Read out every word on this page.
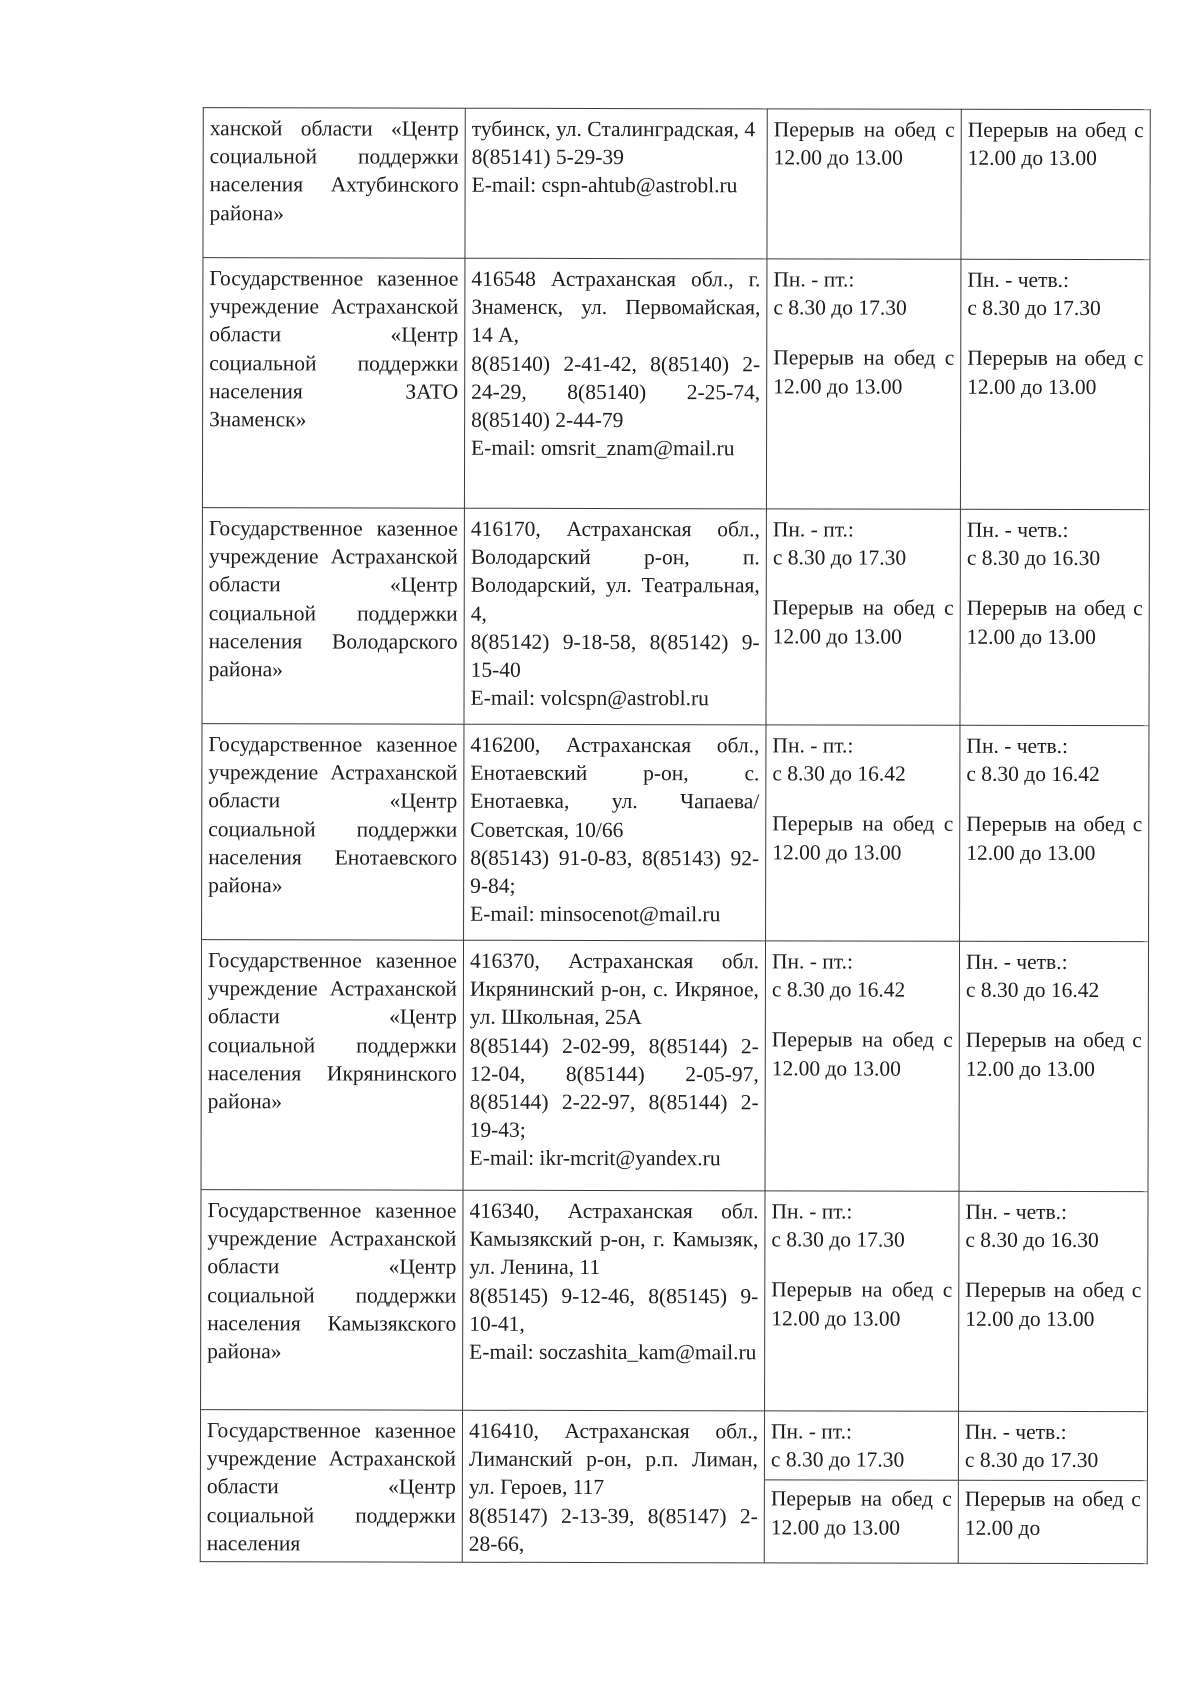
ханской области «Центр социальной поддержки населения Ахтубинского района»	тубинск, ул. Сталинградская, 4
8(85141) 5-29-39
E-mail: cspn-ahtub@astrobl.ru	Перерыв на обед с 12.00 до 13.00	Перерыв на обед с 12.00 до 13.00

Государственное казенное учреждение Астраханской области «Центр социальной поддержки населения ЗАТО Знаменск»	416548 Астраханская обл., г. Знаменск, ул. Первомайская, 14 А,
8(85140) 2-41-42, 8(85140) 2-24-29, 8(85140) 2-25-74, 8(85140) 2-44-79
E-mail: omsrit_znam@mail.ru	Пн. - пт.:
с 8.30 до 17.30
Перерыв на обед с 12.00 до 13.00	Пн. - четв.:
с 8.30 до 17.30
Перерыв на обед с 12.00 до 13.00

Государственное казенное учреждение Астраханской области «Центр социальной поддержки населения Володарского района»	416170, Астраханская обл., Володарский р-он, п. Володарский, ул. Театральная, 4,
8(85142) 9-18-58, 8(85142) 9-15-40
E-mail: volcspn@astrobl.ru	Пн. - пт.:
с 8.30 до 17.30
Перерыв на обед с 12.00 до 13.00	Пн. - четв.:
с 8.30 до 16.30
Перерыв на обед с 12.00 до 13.00

Государственное казенное учреждение Астраханской области «Центр социальной поддержки населения Енотаевского района»	416200, Астраханская обл., Енотаевский р-он, с. Енотаевка, ул. Чапаева/Советская, 10/66
8(85143) 91-0-83, 8(85143) 92-9-84;
E-mail: minsocenot@mail.ru	Пн. - пт.:
с 8.30 до 16.42
Перерыв на обед с 12.00 до 13.00	Пн. - четв.:
с 8.30 до 16.42
Перерыв на обед с 12.00 до 13.00

Государственное казенное учреждение Астраханской области «Центр социальной поддержки населения Икрянинского района»	416370, Астраханская обл. Икрянинский р-он, с. Икряное, ул. Школьная, 25А
8(85144) 2-02-99, 8(85144) 2-12-04, 8(85144) 2-05-97, 8(85144) 2-22-97, 8(85144) 2-19-43;
E-mail: ikr-mcrit@yandex.ru	Пн. - пт.:
с 8.30 до 16.42
Перерыв на обед с 12.00 до 13.00	Пн. - четв.:
с 8.30 до 16.42
Перерыв на обед с 12.00 до 13.00

Государственное казенное учреждение Астраханской области «Центр социальной поддержки населения Камызякского района»	416340, Астраханская обл. Камызякский р-он, г. Камызяк, ул. Ленина, 11
8(85145) 9-12-46, 8(85145) 9-10-41,
E-mail: soczashita_kam@mail.ru	Пн. - пт.:
с 8.30 до 17.30
Перерыв на обед с 12.00 до 13.00	Пн. - четв.:
с 8.30 до 16.30
Перерыв на обед с 12.00 до 13.00

Государственное казенное учреждение Астраханской области «Центр социальной поддержки населения	416410, Астраханская обл., Лиманский р-он, р.п. Лиман, ул. Героев, 117
8(85147) 2-13-39, 8(85147) 2-28-66,	Пн. - пт.:
с 8.30 до 17.30
Перерыв на обед с 12.00 до 13.00	Пн. - четв.:
с 8.30 до 17.30
Перерыв на обед с 12.00 до
